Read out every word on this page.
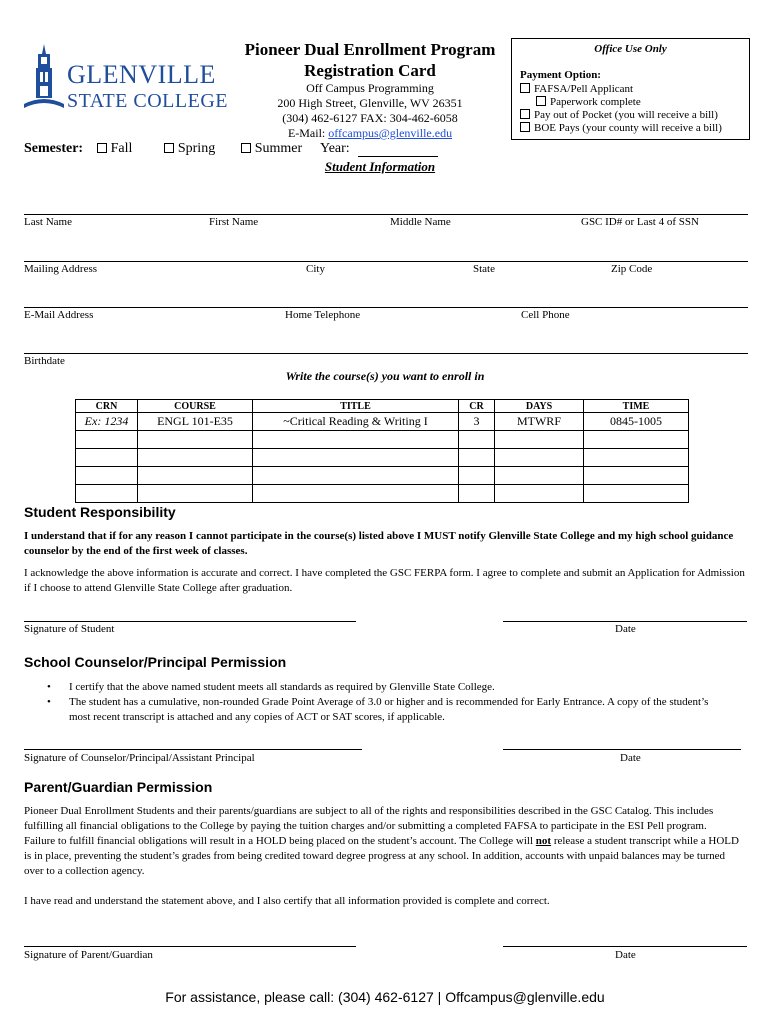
GLENVILLE
STATE COLLEGE
Pioneer Dual Enrollment Program
Registration Card
Off Campus Programming
200 High Street, Glenville, WV 26351
(304) 462-6127 FAX: 304-462-6058
E-Mail: offcampus@glenville.edu
Office Use Only
Payment Option:
FAFSA/Pell Applicant
Paperwork complete
Pay out of Pocket (you will receive a bill)
BOE Pays (your county will receive a bill)
Semester: Fall	Spring	Summer Year:
Student Information
Last Name	First Name	Middle Name	GSC ID# or Last 4 of SSN
Mailing Address	City	State	Zip Code
E-Mail Address	Home Telephone	Cell Phone
Birthdate
Write the course(s) you want to enroll in
CRN	COURSE	TITLE	CR	DAYS	TIME
Ex: 1234	ENGL 101-E35	~Critical Reading & Writing I	3	MTWRF	0845-1005

Student Responsibility
I understand that if for any reason I cannot participate in the course(s) listed above I MUST notify Glenville State College and my high school guidance counselor by the end of the first week of classes.
I acknowledge the above information is accurate and correct. I have completed the GSC FERPA form. I agree to complete and submit an Application for Admission if I choose to attend Glenville State College after graduation.
Signature of Student	Date
School Counselor/Principal Permission
• I certify that the above named student meets all standards as required by Glenville State College.
• The student has a cumulative, non-rounded Grade Point Average of 3.0 or higher and is recommended for Early Entrance. A copy of the student’s most recent transcript is attached and any copies of ACT or SAT scores, if applicable.
Signature of Counselor/Principal/Assistant Principal	Date
Parent/Guardian Permission
Pioneer Dual Enrollment Students and their parents/guardians are subject to all of the rights and responsibilities described in the GSC Catalog. This includes fulfilling all financial obligations to the College by paying the tuition charges and/or submitting a completed FAFSA to participate in the ESI Pell program. Failure to fulfill financial obligations will result in a HOLD being placed on the student’s account. The College will not release a student transcript while a HOLD is in place, preventing the student’s grades from being credited toward degree progress at any school. In addition, accounts with unpaid balances may be turned over to a collection agency.
I have read and understand the statement above, and I also certify that all information provided is complete and correct.
Signature of Parent/Guardian	Date
For assistance, please call: (304) 462-6127 | Offcampus@glenville.edu
